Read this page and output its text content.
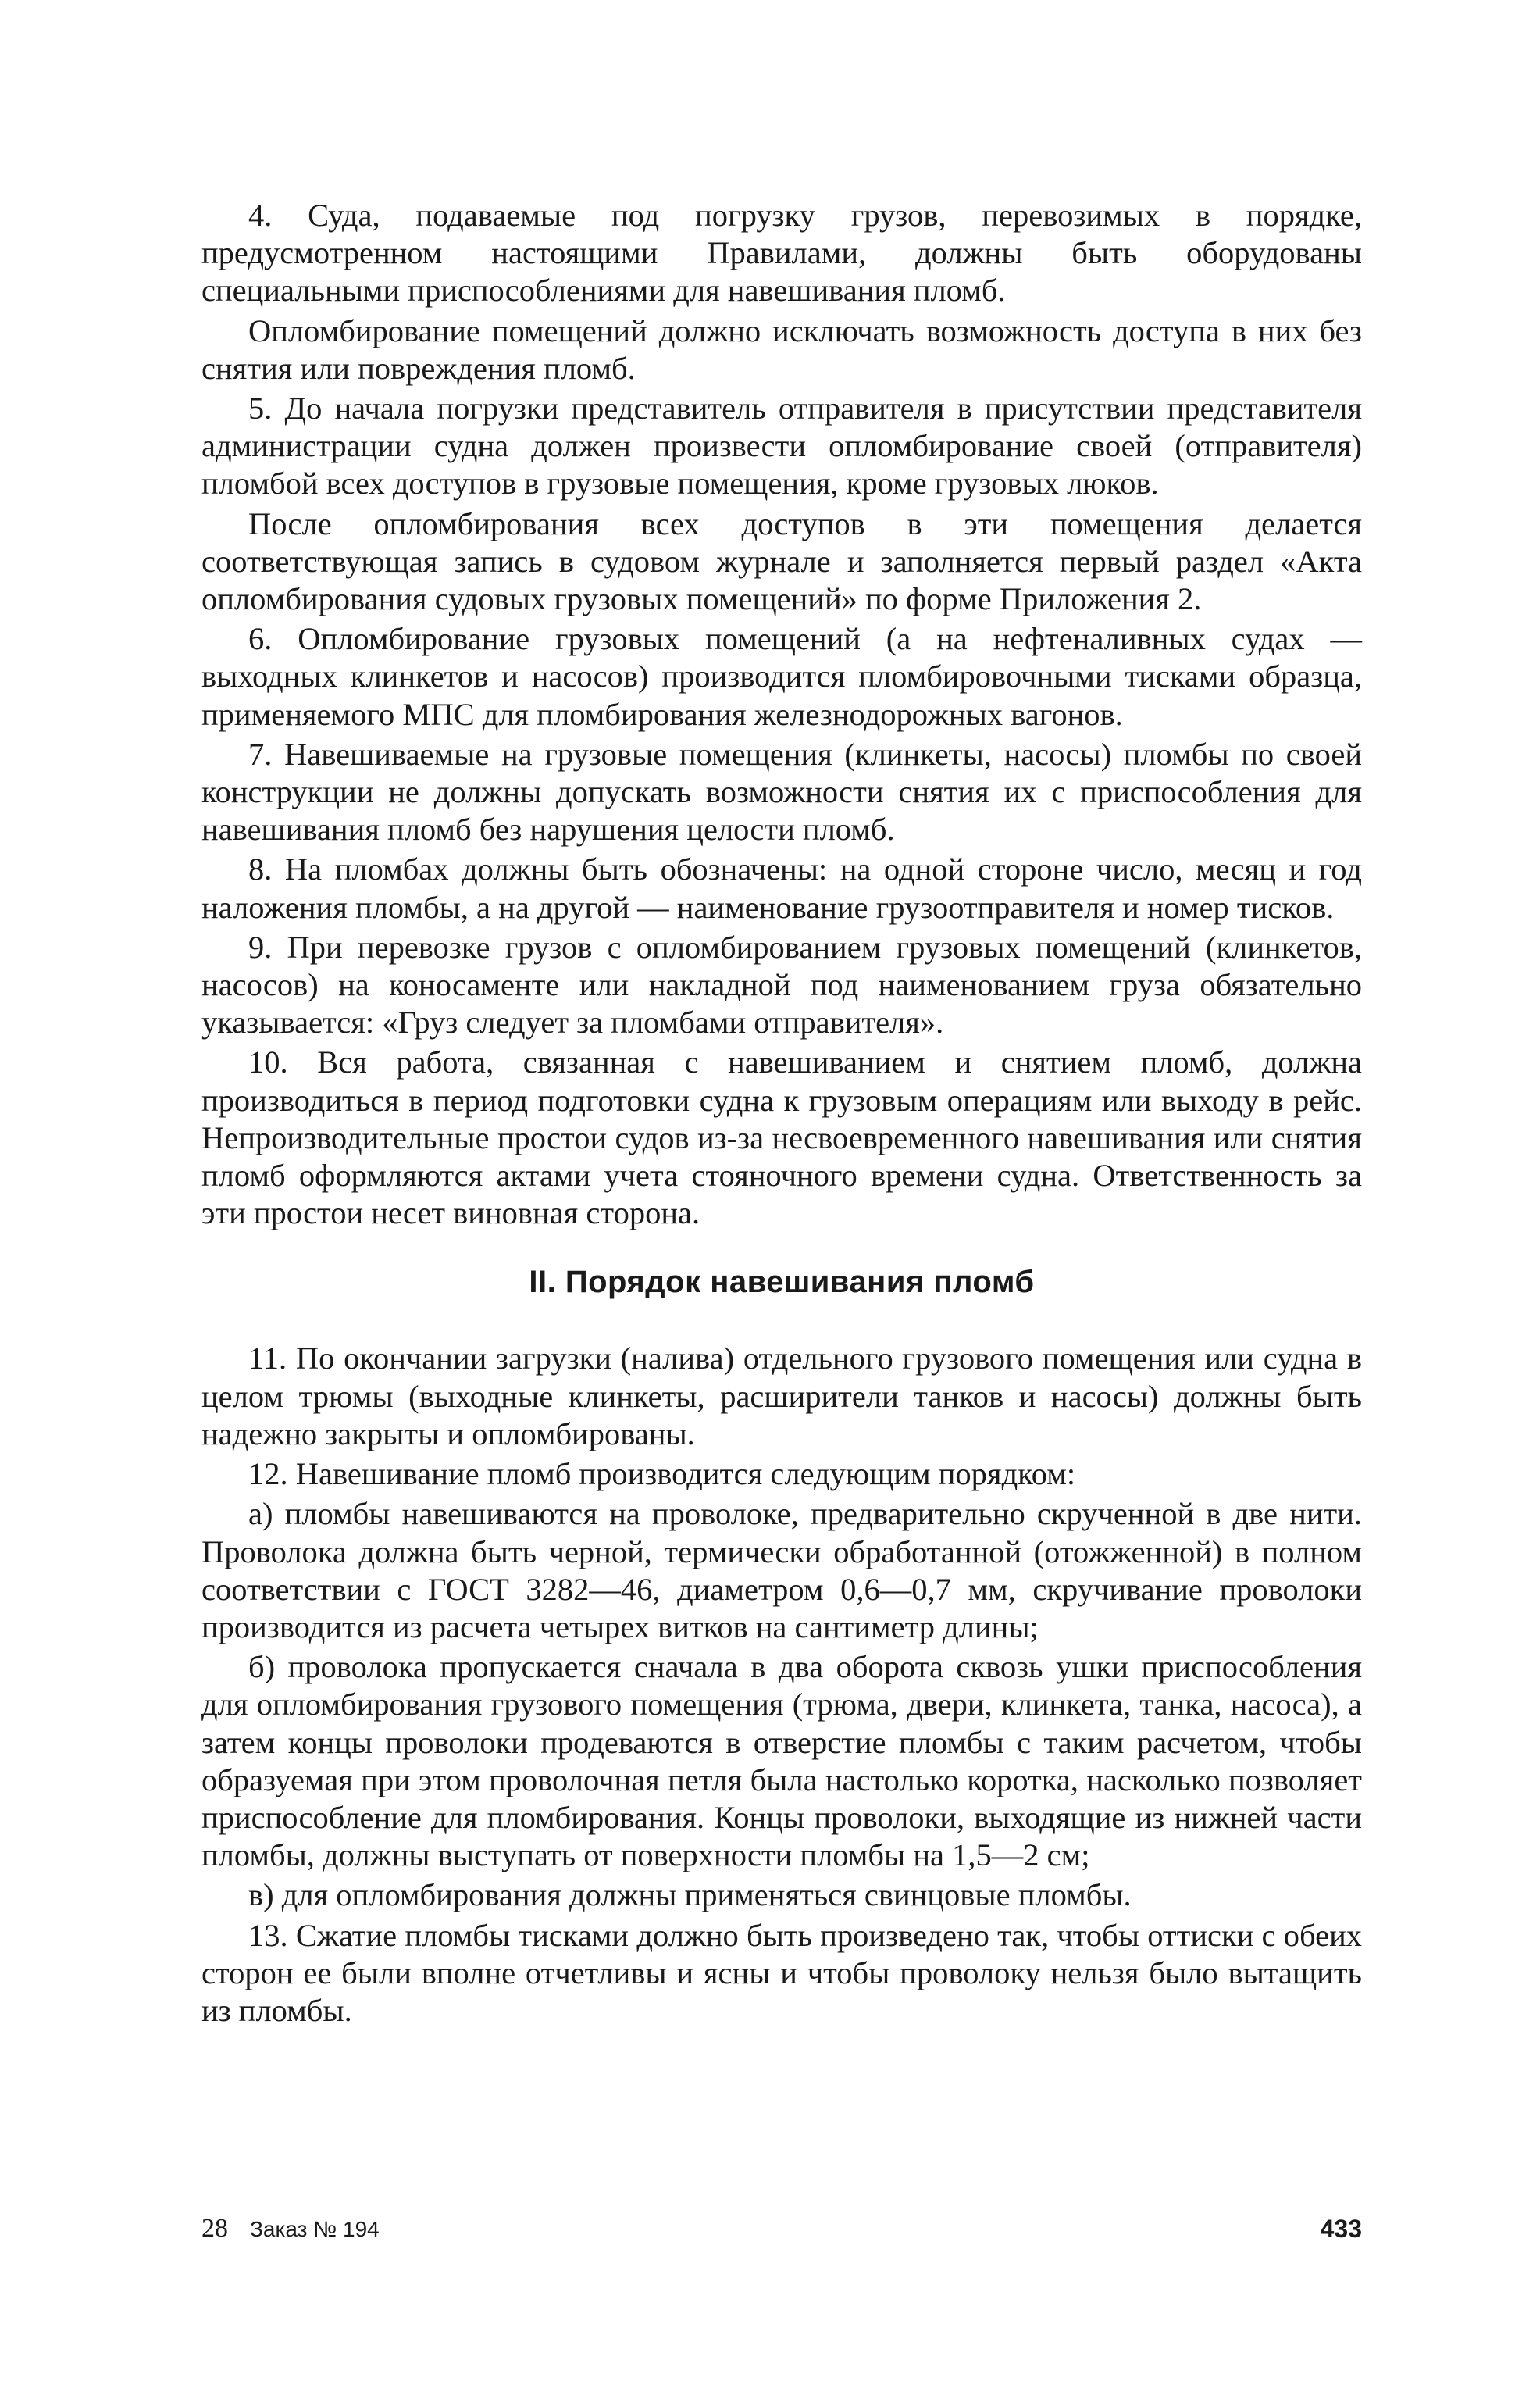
4. Суда, подаваемые под погрузку грузов, перевозимых в порядке, предусмотренном настоящими Правилами, должны быть оборудованы специальными приспособлениями для навешивания пломб.

Опломбирование помещений должно исключать возможность доступа в них без снятия или повреждения пломб.

5. До начала погрузки представитель отправителя в присутствии представителя администрации судна должен произвести опломбирование своей (отправителя) пломбой всех доступов в грузовые помещения, кроме грузовых люков.

После опломбирования всех доступов в эти помещения делается соответствующая запись в судовом журнале и заполняется первый раздел «Акта опломбирования судовых грузовых помещений» по форме Приложения 2.

6. Опломбирование грузовых помещений (а на нефтеналивных судах — выходных клинкетов и насосов) производится пломбировочными тисками образца, применяемого МПС для пломбирования железнодорожных вагонов.

7. Навешиваемые на грузовые помещения (клинкеты, насосы) пломбы по своей конструкции не должны допускать возможности снятия их с приспособления для навешивания пломб без нарушения целости пломб.

8. На пломбах должны быть обозначены: на одной стороне число, месяц и год наложения пломбы, а на другой — наименование грузоотправителя и номер тисков.

9. При перевозке грузов с опломбированием грузовых помещений (клинкетов, насосов) на коносаменте или накладной под наименованием груза обязательно указывается: «Груз следует за пломбами отправителя».

10. Вся работа, связанная с навешиванием и снятием пломб, должна производиться в период подготовки судна к грузовым операциям или выходу в рейс. Непроизводительные простои судов из-за несвоевременного навешивания или снятия пломб оформляются актами учета стояночного времени судна. Ответственность за эти простои несет виновная сторона.

II. Порядок навешивания пломб

11. По окончании загрузки (налива) отдельного грузового помещения или судна в целом трюмы (выходные клинкеты, расширители танков и насосы) должны быть надежно закрыты и опломбированы.

12. Навешивание пломб производится следующим порядком:

а) пломбы навешиваются на проволоке, предварительно скрученной в две нити. Проволока должна быть черной, термически обработанной (отожженной) в полном соответствии с ГОСТ 3282—46, диаметром 0,6—0,7 мм, скручивание проволоки производится из расчета четырех витков на сантиметр длины;

б) проволока пропускается сначала в два оборота сквозь ушки приспособления для опломбирования грузового помещения (трюма, двери, клинкета, танка, насоса), а затем концы проволоки продеваются в отверстие пломбы с таким расчетом, чтобы образуемая при этом проволочная петля была настолько коротка, насколько позволяет приспособление для пломбирования. Концы проволоки, выходящие из нижней части пломбы, должны выступать от поверхности пломбы на 1,5—2 см;

в) для опломбирования должны применяться свинцовые пломбы.

13. Сжатие пломбы тисками должно быть произведено так, чтобы оттиски с обеих сторон ее были вполне отчетливы и ясны и чтобы проволоку нельзя было вытащить из пломбы.

28 Заказ № 194	433
